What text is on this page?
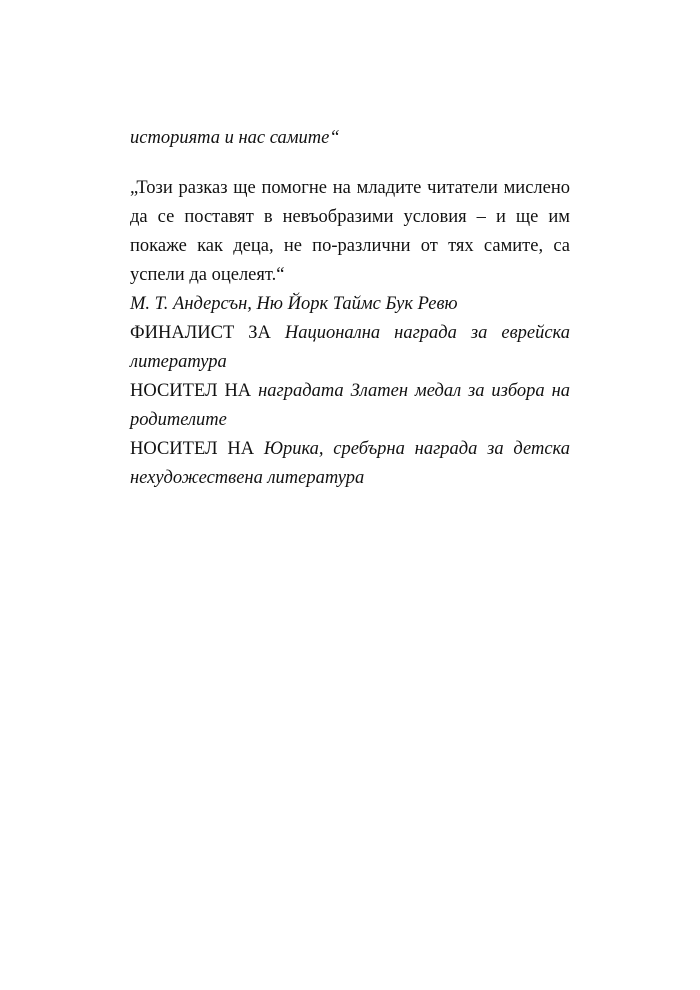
историята и нас самите“

„Този разказ ще помогне на младите читатели мислено да се поставят в невъобразими условия – и ще им покаже как деца, не по-различни от тях самите, са успели да оцелеят.“

М. Т. Андерсън, Ню Йорк Таймс Бук Ревю

ФИНАЛИСТ ЗА Национална награда за еврейска литература

НОСИТЕЛ НА наградата Златен медал за избора на родителите

НОСИТЕЛ НА Юрика, сребърна награда за детска нехудожествена литература
